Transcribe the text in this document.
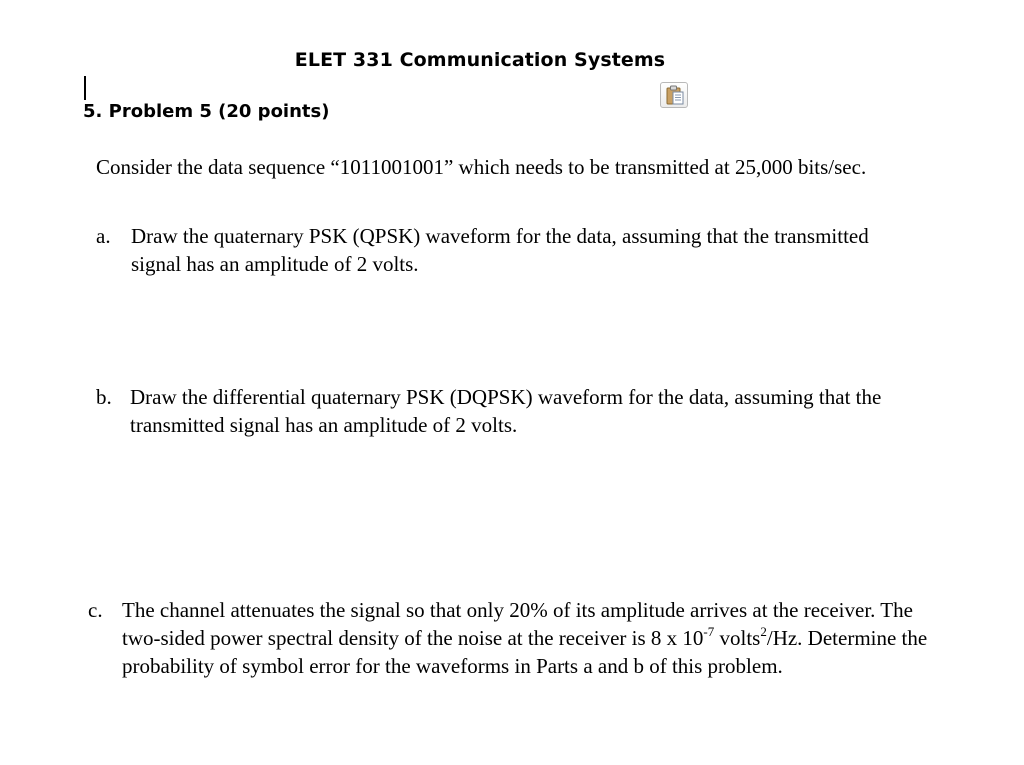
ELET 331 Communication Systems
5. Problem 5 (20 points)
Consider the data sequence “1011001001” which needs to be transmitted at 25,000 bits/sec.
a. Draw the quaternary PSK (QPSK) waveform for the data, assuming that the transmitted signal has an amplitude of 2 volts.
b. Draw the differential quaternary PSK (DQPSK) waveform for the data, assuming that the transmitted signal has an amplitude of 2 volts.
c. The channel attenuates the signal so that only 20% of its amplitude arrives at the receiver. The two-sided power spectral density of the noise at the receiver is 8 x $10^{-7}$ volts$^2$/Hz. Determine the probability of symbol error for the waveforms in Parts a and b of this problem.
